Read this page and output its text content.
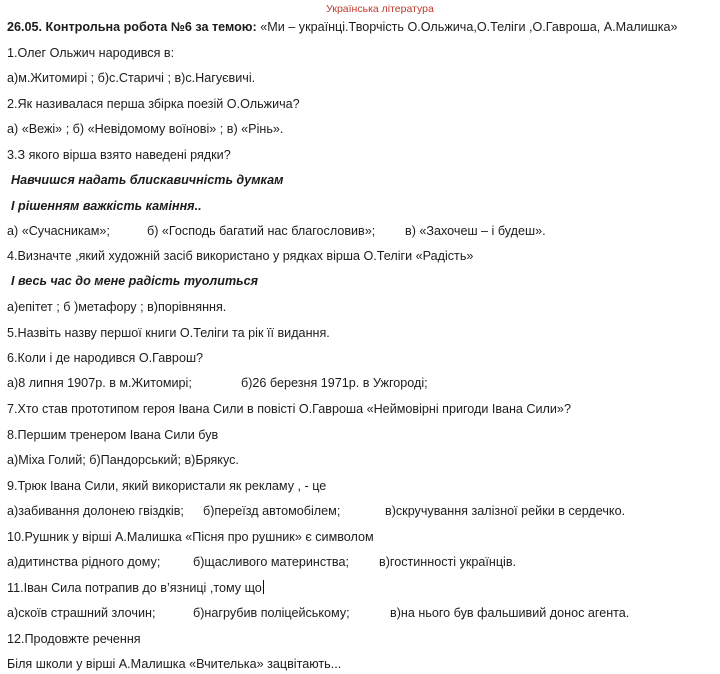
Українська література
26.05. Контрольна робота №6 за темою: «Ми – українці.Творчість О.Ольжича,О.Теліги ,О.Гавроша, А.Малишка»
1.Олег Ольжич народився в:
а)м.Житомирі ; б)с.Старичі ; в)с.Нагуєвичі.
2.Як називалася перша збірка поезій О.Ольжича?
а) «Вежі» ; б) «Невідомому воїнові» ; в) «Рінь».
3.З якого вірша взято наведені рядки?
Навчишся надать блискавичність думкам
І рішенням важкість каміння..
а) «Сучасникам»;	б) «Господь багатий нас благословив»; в) «Захочеш – і будеш».
4.Визначте ,який художній засіб використано у рядках вірша О.Теліги «Радість»
І весь час до мене радість туолиться
а)епітет ; б )метафору ; в)порівняння.
5.Назвіть назву першої книги О.Теліги та рік її видання.
6.Коли і де народився О.Гаврош?
а)8 липня 1907р. в м.Житомирі;	б)26 березня 1971р. в Ужгороді;
7.Хто став прототипом героя Івана Сили в повісті О.Гавроша «Неймовірні пригоди Івана Сили»?
8.Першим тренером Івана Сили був
а)Міха Голий; б)Пандорський; в)Брякус.
9.Трюк Івана Сили, який використали як рекламу , - це
а)забивання долонею гвіздків; б)переїзд автомобілем;	в)скручування залізної рейки в сердечко.
10.Рушник у вірші А.Малишка «Пісня про рушник» є символом
а)дитинства рідного дому;	б)щасливого материнства; в)гостинності українців.
11.Іван Сила потрапив до в’язниці ,тому що
а)скоїв страшний злочин;	б)нагрубив поліцейському;	в)на нього був фальшивий донос агента.
12.Продовжте речення
Біля школи у вірші А.Малишка «Вчителька» зацвітають...
